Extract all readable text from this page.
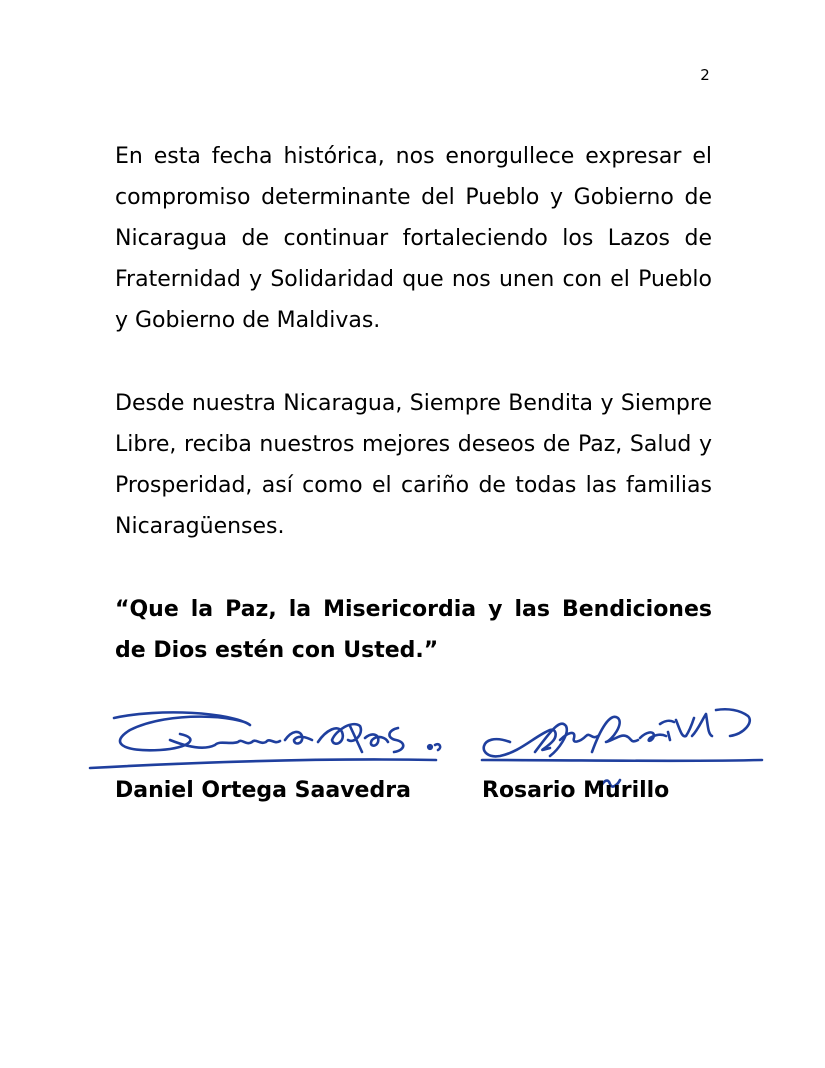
2

En esta fecha histórica, nos enorgullece expresar el compromiso determinante del Pueblo y Gobierno de Nicaragua de continuar fortaleciendo los Lazos de Fraternidad y Solidaridad que nos unen con el Pueblo y Gobierno de Maldivas.

Desde nuestra Nicaragua, Siempre Bendita y Siempre Libre, reciba nuestros mejores deseos de Paz, Salud y Prosperidad, así como el cariño de todas las familias Nicaragüenses.

“Que la Paz, la Misericordia y las Bendiciones de Dios estén con Usted.”

Daniel Ortega Saavedra	Rosario Murillo
